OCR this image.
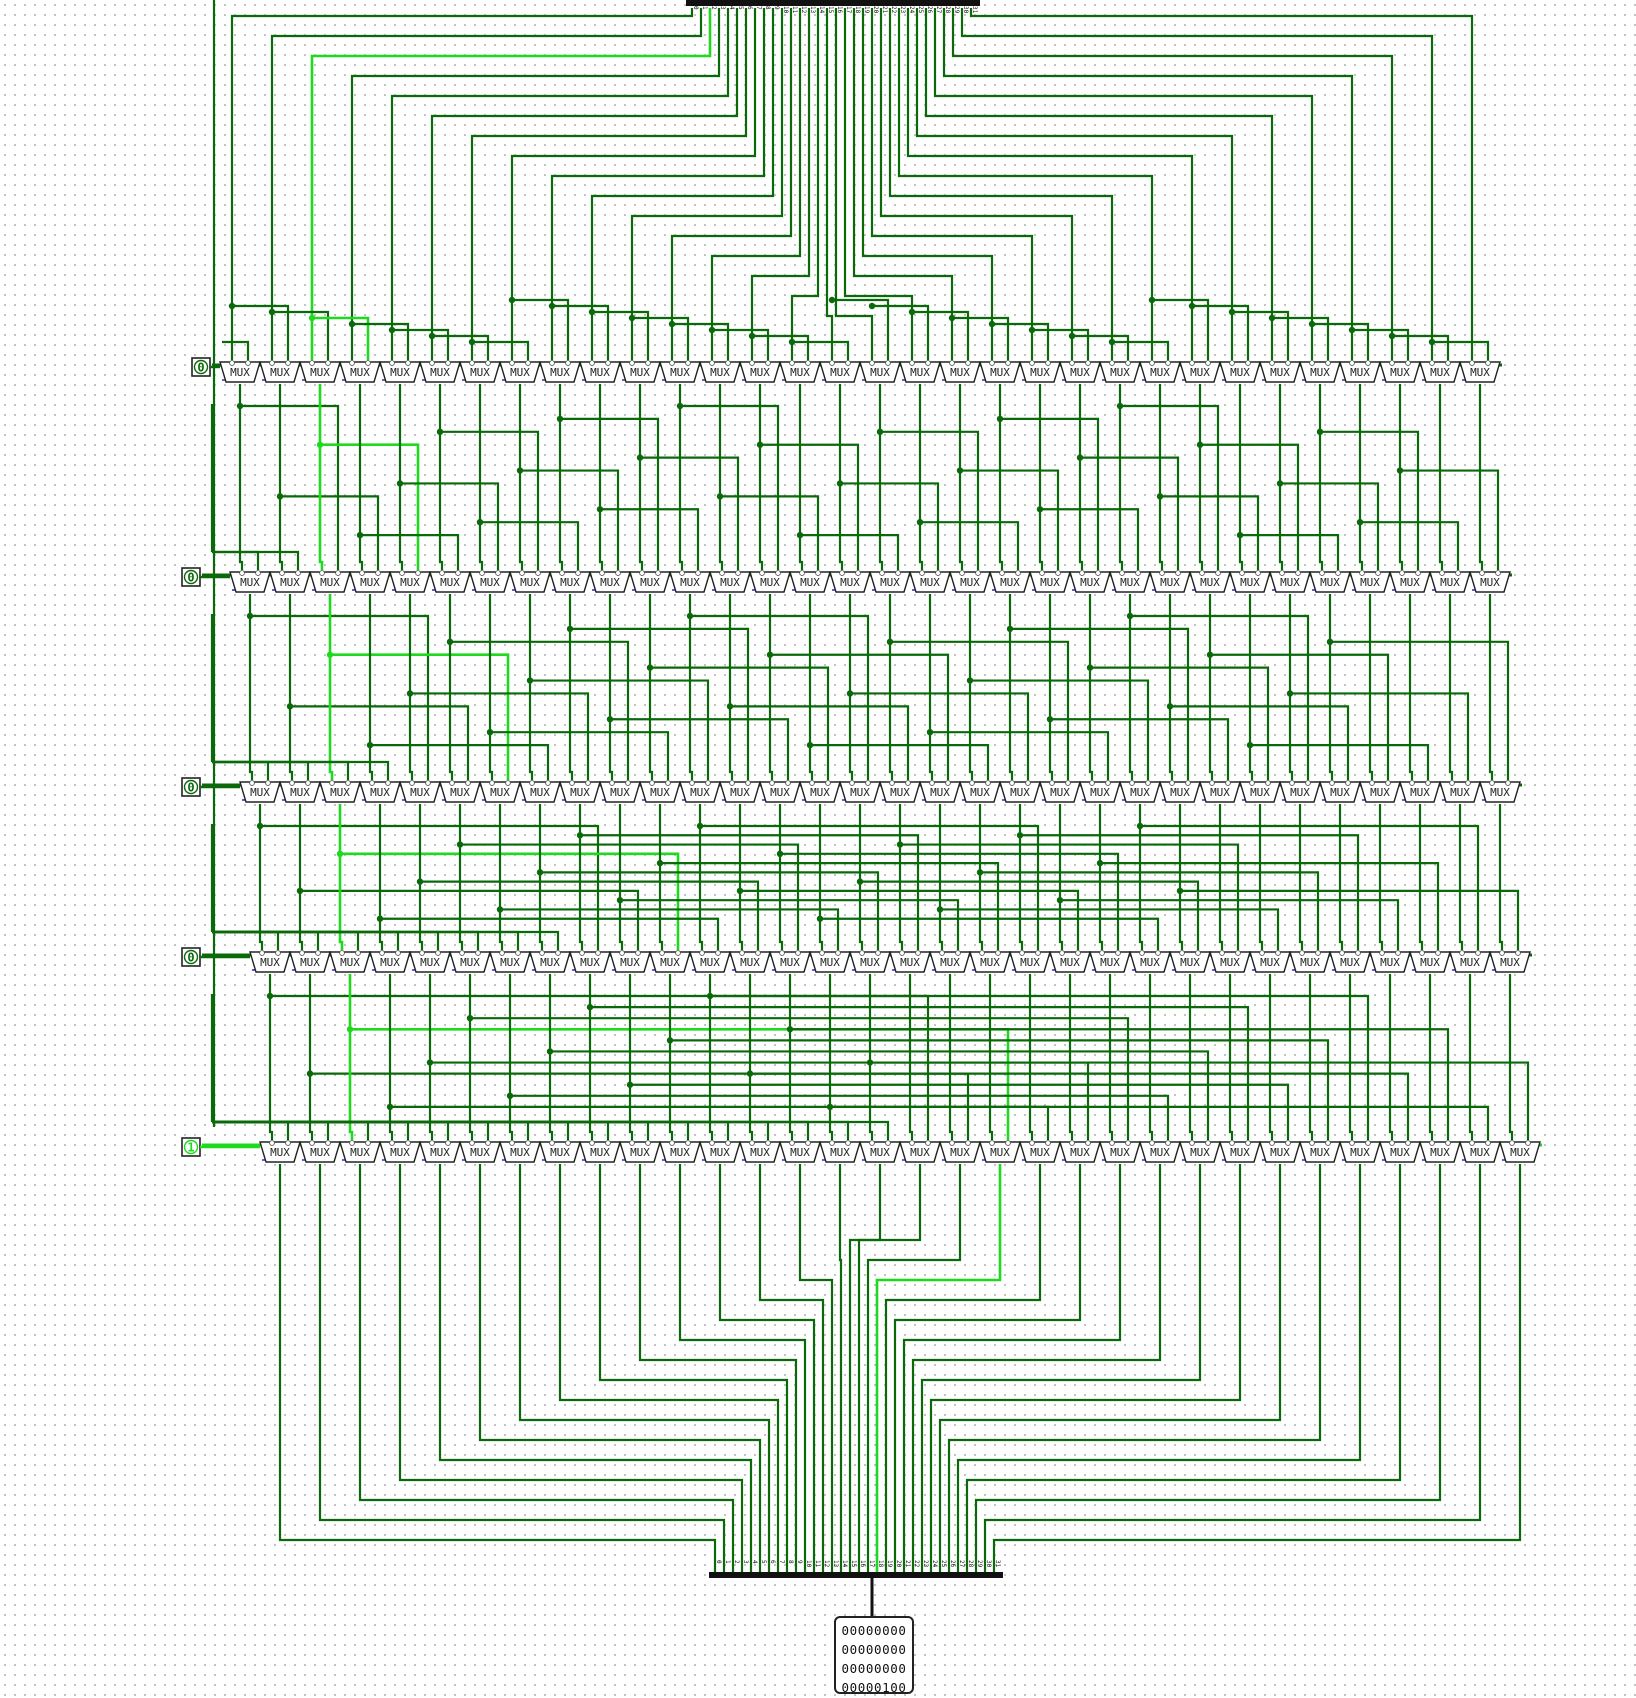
0 1 2 3 4 5 6 7 8 9 10 11 12 13 14 15 16 17 18 19 20 21 22 23 24 25 26 27 28 29 30 31
0 1 2 3 4 5 6 7 8 9 10 11 12 13 14 15 16 17 18 19 20 21 22 23 24 25 26 27 28 29 30 31
MUX MUX MUX MUX MUX MUX MUX MUX MUX MUX MUX MUX MUX MUX MUX MUX MUX MUX MUX MUX MUX MUX MUX MUX MUX MUX MUX MUX MUX MUX MUX MUX
MUX MUX MUX MUX MUX MUX MUX MUX MUX MUX MUX MUX MUX MUX MUX MUX MUX MUX MUX MUX MUX MUX MUX MUX MUX MUX MUX MUX MUX MUX MUX MUX
MUX MUX MUX MUX MUX MUX MUX MUX MUX MUX MUX MUX MUX MUX MUX MUX MUX MUX MUX MUX MUX MUX MUX MUX MUX MUX MUX MUX MUX MUX MUX MUX
MUX MUX MUX MUX MUX MUX MUX MUX MUX MUX MUX MUX MUX MUX MUX MUX MUX MUX MUX MUX MUX MUX MUX MUX MUX MUX MUX MUX MUX MUX MUX MUX
MUX MUX MUX MUX MUX MUX MUX MUX MUX MUX MUX MUX MUX MUX MUX MUX MUX MUX MUX MUX MUX MUX MUX MUX MUX MUX MUX MUX MUX MUX MUX MUX
0
0
0
0
1
00000000
00000000
00000000
00000100
